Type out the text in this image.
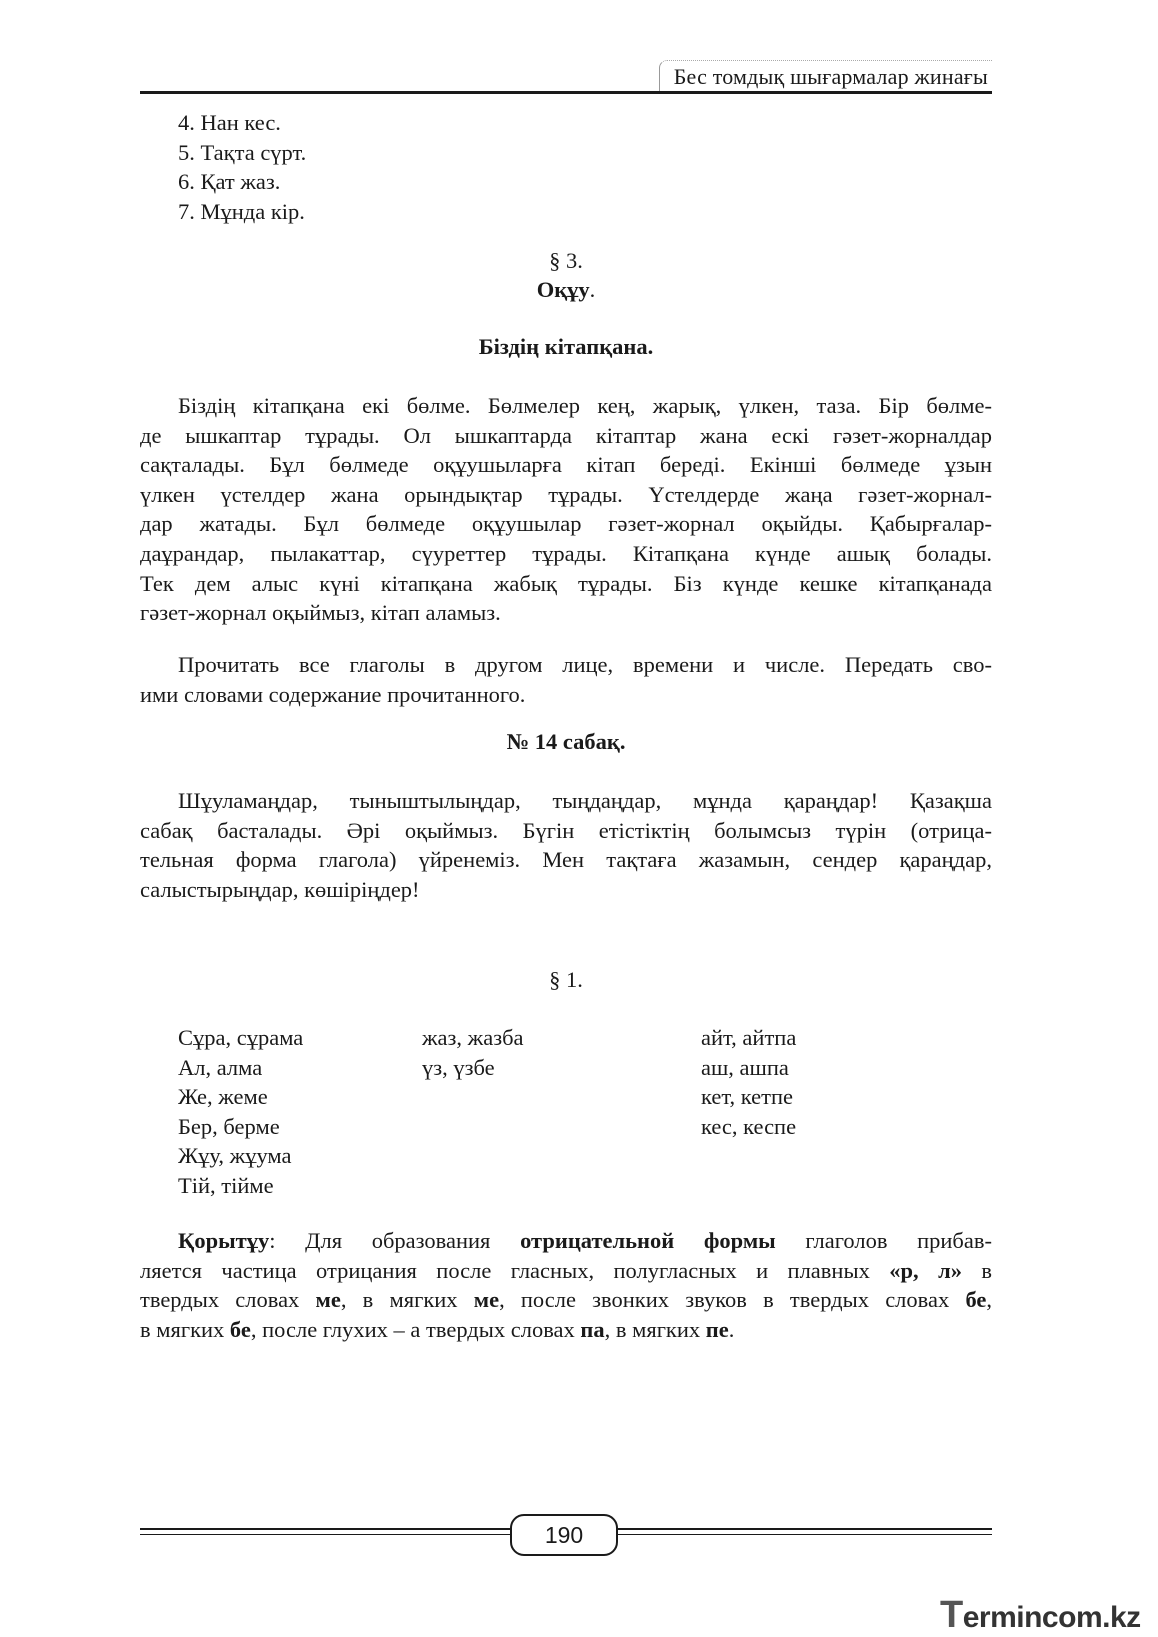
Бес томдық шығармалар жинағы
4. Нан кес.
5. Тақта сүрт.
6. Қат жаз.
7. Мұнда кір.
§ 3.
Оқұу.
Біздің кітапқана.
Біздің кітапқана екі бөлме. Бөлмелер кең, жарық, үлкен, таза. Бір бөлме-
де ышкаптар тұрады. Ол ышкаптарда кітаптар жана ескі гәзет-жорналдар
сақталады. Бұл бөлмеде оқұушыларға кітап береді. Екінші бөлмеде ұзын
үлкен үстелдер жана орындықтар тұрады. Үстелдерде жаңа гәзет-жорнал-
дар жатады. Бұл бөлмеде оқұушылар гәзет-жорнал оқыйды. Қабырғалар-
даұрандар, пылакаттар, сүуреттер тұрады. Кітапқана күнде ашық болады.
Тек дем алыс күні кітапқана жабық тұрады. Біз күнде кешке кітапқанада
гәзет-жорнал оқыймыз, кітап аламыз.
Прочитать все глаголы в другом лице, времени и числе. Передать сво-
ими словами содержание прочитанного.
№ 14 сабақ.
Шұуламаңдар, тыныштылыңдар, тыңдаңдар, мұнда қараңдар! Қазақша
сабақ басталады. Әрі оқыймыз. Бүгін етістіктің болымсыз түрін (отрица-
тельная форма глагола) үйренеміз. Мен тақтаға жазамын, сендер қараңдар,
салыстырыңдар, көшіріңдер!
§ 1.
Сұра, сұрама
Ал, алма
Же, жеме
Бер, берме
Жұу, жұума
Тій, тійме
жаз, жазба
үз, үзбе
айт, айтпа
аш, ашпа
кет, кетпе
кес, кеспе
Қорытұу: Для образования отрицательной формы глаголов прибав-
ляется частица отрицания после гласных, полугласных и плавных «р, л» в
твердых словах ме, в мягких ме, после звонких звуков в твердых словах бе,
в мягких бе, после глухих – а твердых словах па, в мягких пе.
190
Termincom.kz
